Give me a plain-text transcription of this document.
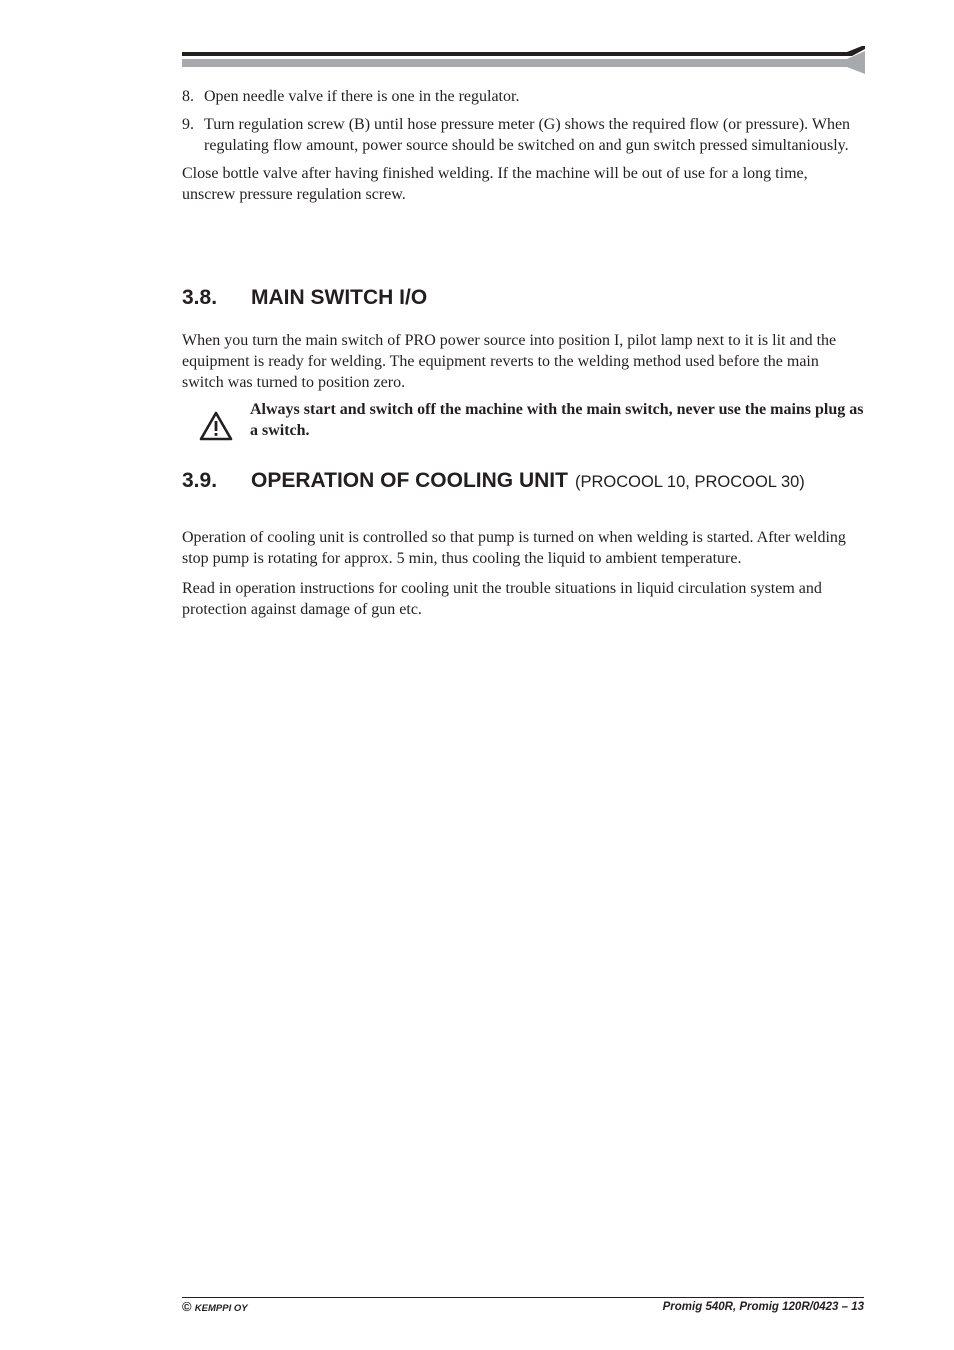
8. Open needle valve if there is one in the regulator.
9. Turn regulation screw (B) until hose pressure meter (G) shows the required flow (or pressure). When regulating flow amount, power source should be switched on and gun switch pressed simultaniously.

Close bottle valve after having finished welding. If the machine will be out of use for a long time, unscrew pressure regulation screw.

3.8.	MAIN SWITCH I/O

When you turn the main switch of PRO power source into position I, pilot lamp next to it is lit and the equipment is ready for welding. The equipment reverts to the welding method used before the main switch was turned to position zero.

Always start and switch off the machine with the main switch, never use the mains plug as a switch.
3.9.	OPERATION OF COOLING UNIT (PROCOOL 10, PROCOOL 30)

Operation of cooling unit is controlled so that pump is turned on when welding is started. After welding stop pump is rotating for approx. 5 min, thus cooling the liquid to ambient temperature.

Read in operation instructions for cooling unit the trouble situations in liquid circulation system and protection against damage of gun etc.

© KEMPPI OY	Promig 540R, Promig 120R/0423 – 13
